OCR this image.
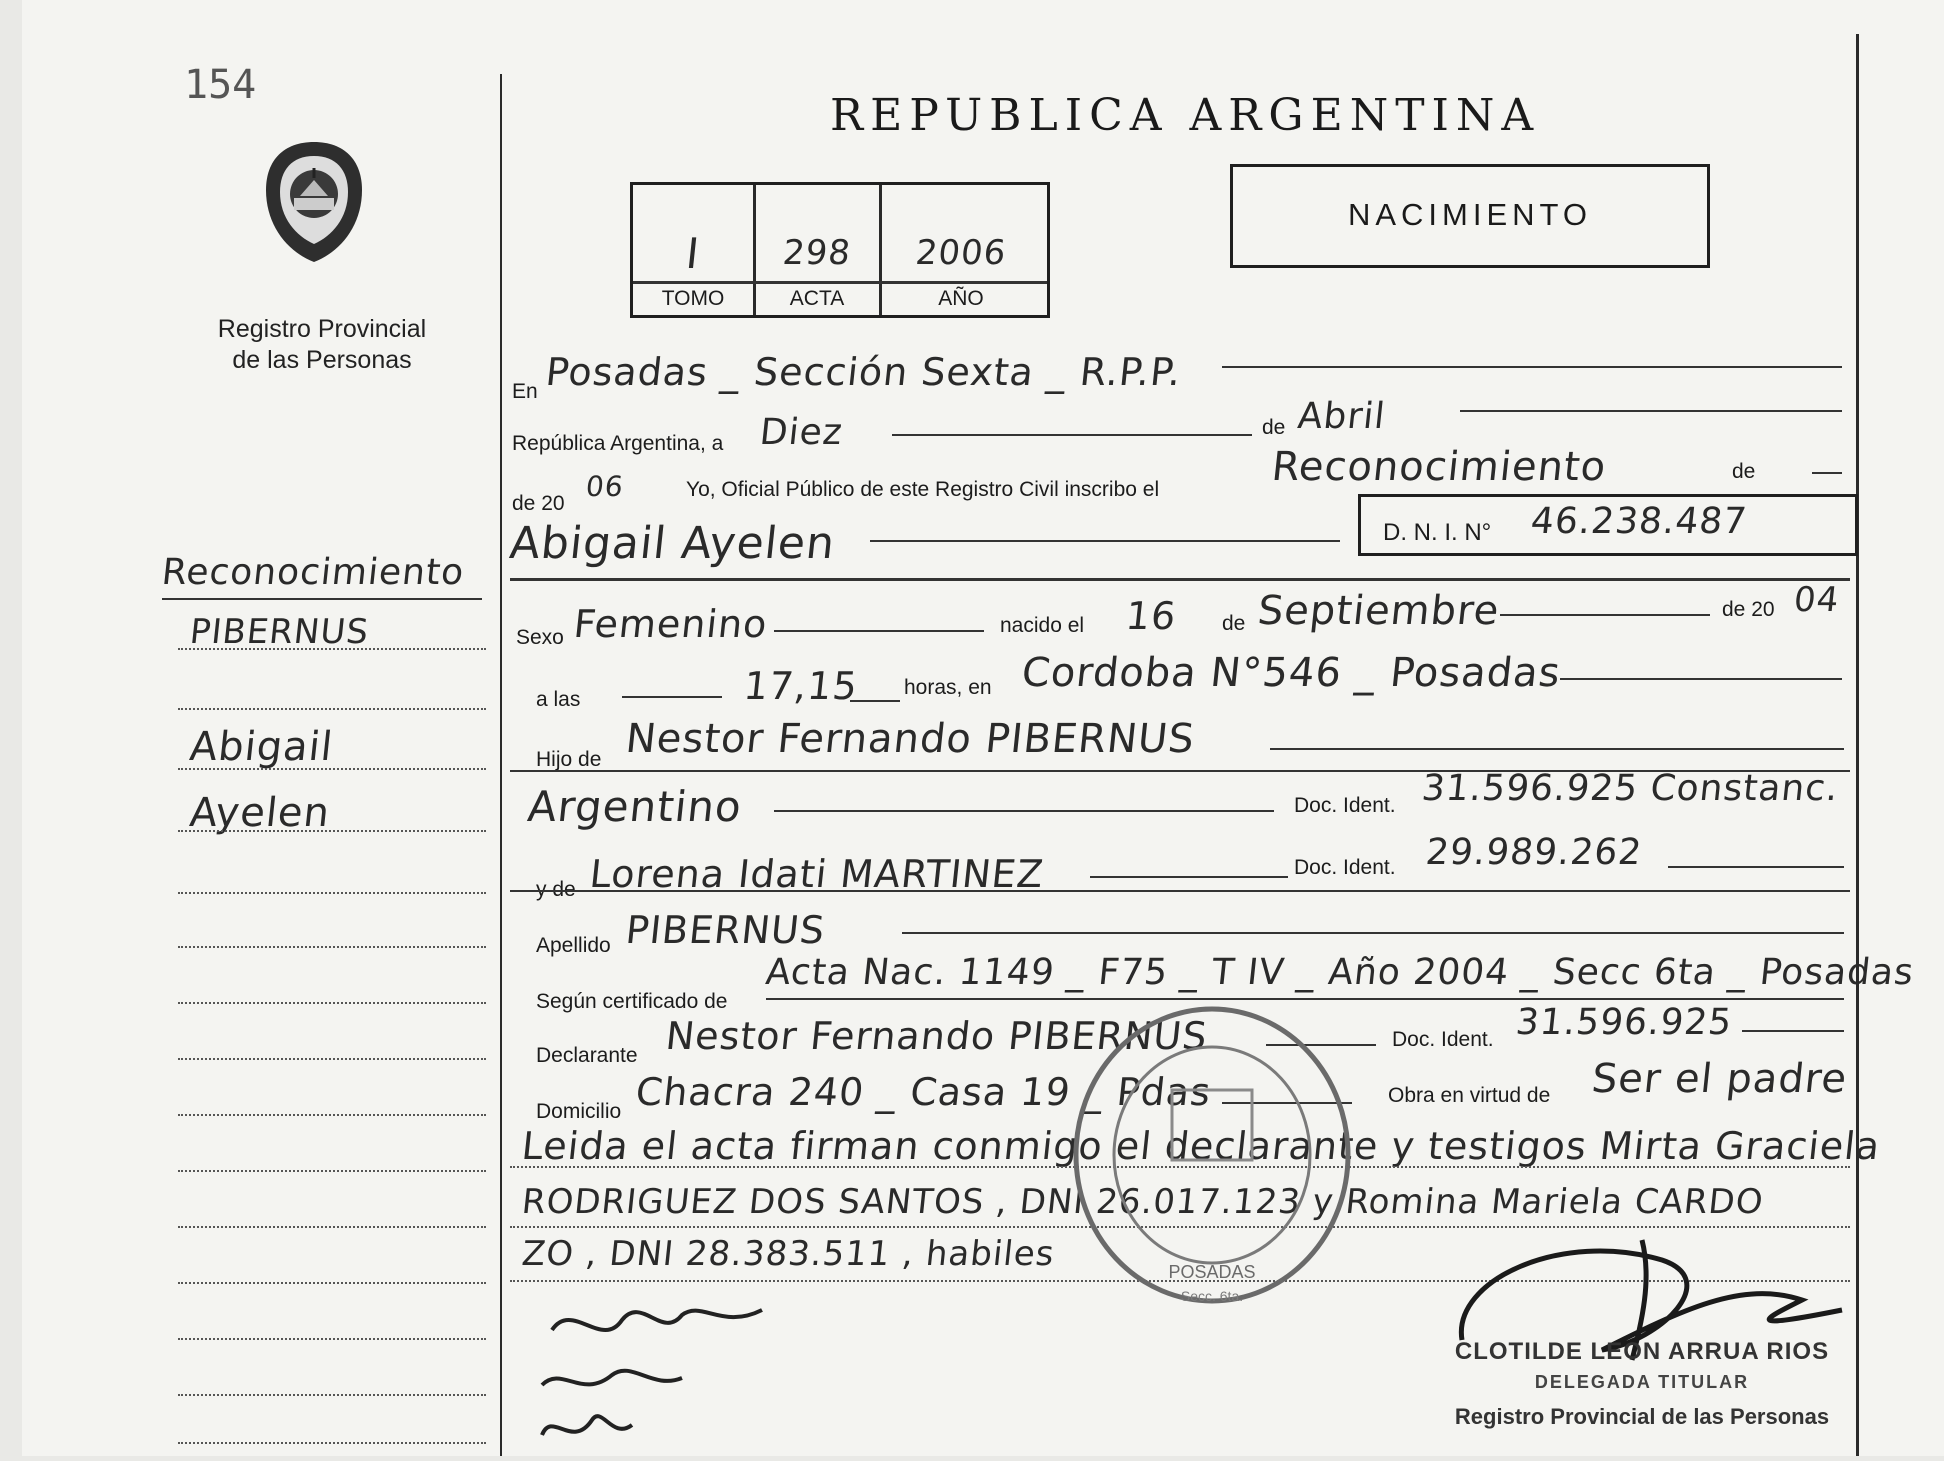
154
Registro Provincial
de las Personas
Reconocimiento
PIBERNUS
Abigail
Ayelen
REPUBLICA ARGENTINA
I	298	2006
TOMO	ACTA	AÑO
NACIMIENTO
En Posadas _ Sección Sexta _ R.P.P.
República Argentina, a Diez	de Abril
de 20
06	Yo, Oficial Público de este Registro Civil inscribo el	Reconocimiento	de
Abigail Ayelen	D. N. I. N° 46.238.487
Sexo Femenino	nacido el 16 de Septiembre	de 20 04
a las	17,15 horas, en Cordoba N°546 _ Posadas
Hijo de Nestor Fernando PIBERNUS
Argentino	Doc. Ident. 31.596.925 Constanc.
y de Lorena Idati MARTINEZ	Doc. Ident. 29.989.262
Apellido PIBERNUS
Según certificado de
Acta Nac. 1149 _ F75 _ T IV _ Año 2004 _ Secc 6ta _ Posadas
Declarante Nestor Fernando PIBERNUS	Doc. Ident. 31.596.925
Domicilio Chacra 240 _ Casa 19 _ Pdas	Obra en virtud de Ser el padre
Leida el acta firman conmigo el declarante y testigos Mirta Graciela
RODRIGUEZ DOS SANTOS , DNI 26.017.123 y Romina Mariela CARDO
ZO , DNI 28.383.511 , habiles	POSADAS
Secc. 6ta.
CLOTILDE LEON ARRUA RIOS
DELEGADA TITULAR
Registro Provincial de las Personas
